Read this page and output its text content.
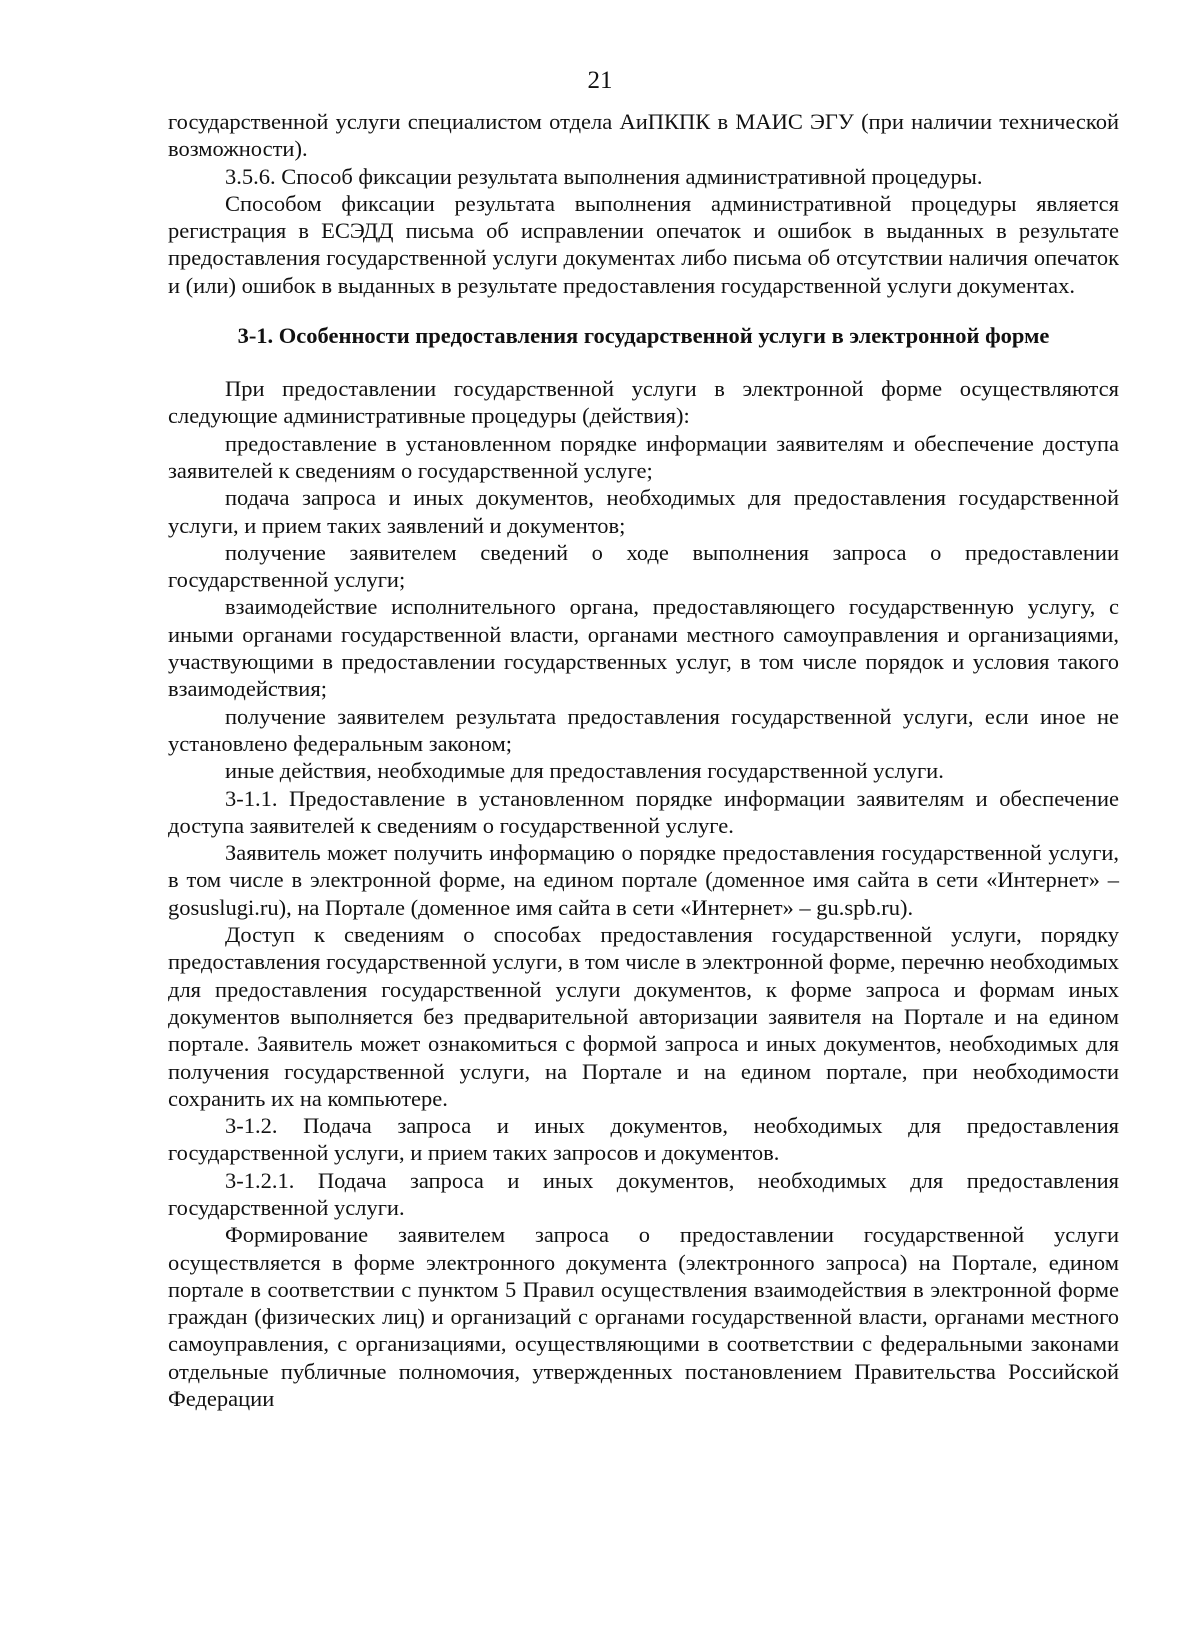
21

государственной услуги специалистом отдела АиПКПК в МАИС ЭГУ (при наличии технической возможности).

3.5.6. Способ фиксации результата выполнения административной процедуры.

Способом фиксации результата выполнения административной процедуры является регистрация в ЕСЭДД письма об исправлении опечаток и ошибок в выданных в результате предоставления государственной услуги документах либо письма об отсутствии наличия опечаток и (или) ошибок в выданных в результате предоставления государственной услуги документах.

3-1. Особенности предоставления государственной услуги в электронной форме

При предоставлении государственной услуги в электронной форме осуществляются следующие административные процедуры (действия):

предоставление в установленном порядке информации заявителям и обеспечение доступа заявителей к сведениям о государственной услуге;

подача запроса и иных документов, необходимых для предоставления государственной услуги, и прием таких заявлений и документов;

получение заявителем сведений о ходе выполнения запроса о предоставлении государственной услуги;

взаимодействие исполнительного органа, предоставляющего государственную услугу, с иными органами государственной власти, органами местного самоуправления и организациями, участвующими в предоставлении государственных услуг, в том числе порядок и условия такого взаимодействия;

получение заявителем результата предоставления государственной услуги, если иное не установлено федеральным законом;

иные действия, необходимые для предоставления государственной услуги.

3-1.1. Предоставление в установленном порядке информации заявителям и обеспечение доступа заявителей к сведениям о государственной услуге.

Заявитель может получить информацию о порядке предоставления государственной услуги, в том числе в электронной форме, на едином портале (доменное имя сайта в сети «Интернет» – gosuslugi.ru), на Портале (доменное имя сайта в сети «Интернет» – gu.spb.ru).

Доступ к сведениям о способах предоставления государственной услуги, порядку предоставления государственной услуги, в том числе в электронной форме, перечню необходимых для предоставления государственной услуги документов, к форме запроса и формам иных документов выполняется без предварительной авторизации заявителя на Портале и на едином портале. Заявитель может ознакомиться с формой запроса и иных документов, необходимых для получения государственной услуги, на Портале и на едином портале, при необходимости сохранить их на компьютере.

3-1.2. Подача запроса и иных документов, необходимых для предоставления государственной услуги, и прием таких запросов и документов.

3-1.2.1. Подача запроса и иных документов, необходимых для предоставления государственной услуги.

Формирование заявителем запроса о предоставлении государственной услуги осуществляется в форме электронного документа (электронного запроса) на Портале, едином портале в соответствии с пунктом 5 Правил осуществления взаимодействия в электронной форме граждан (физических лиц) и организаций с органами государственной власти, органами местного самоуправления, с организациями, осуществляющими в соответствии с федеральными законами отдельные публичные полномочия, утвержденных постановлением Правительства Российской Федерации
